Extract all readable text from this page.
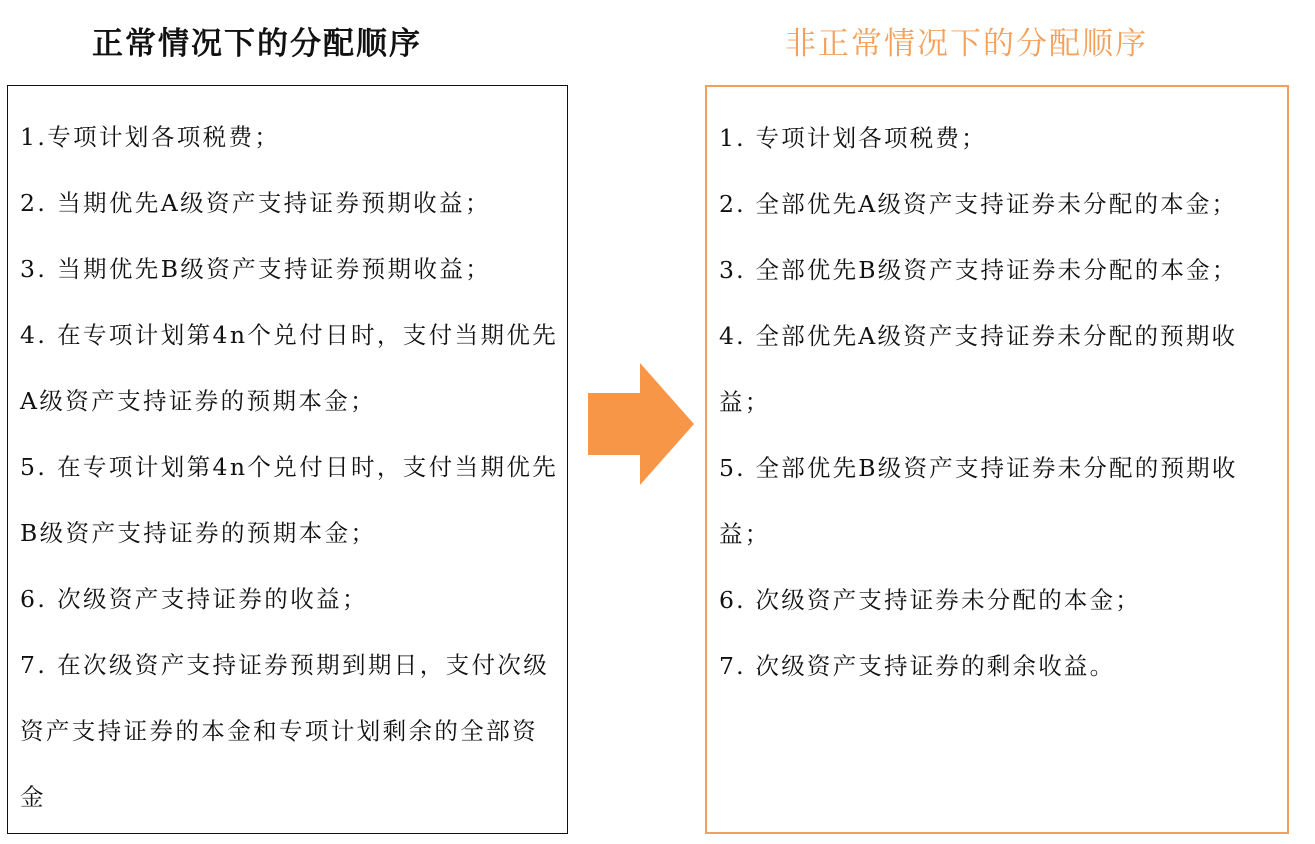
正常情况下的分配顺序	非正常情况下的分配顺序
1.专项计划各项税费；
2. 当期优先A级资产支持证券预期收益；
3. 当期优先B级资产支持证券预期收益；
4. 在专项计划第4n个兑付日时，支付当期优先A级资产支持证券的预期本金；
5. 在专项计划第4n个兑付日时，支付当期优先B级资产支持证券的预期本金；
6. 次级资产支持证券的收益；
7. 在次级资产支持证券预期到期日，支付次级资产支持证券的本金和专项计划剩余的全部资金
1. 专项计划各项税费；
2. 全部优先A级资产支持证券未分配的本金；
3. 全部优先B级资产支持证券未分配的本金；
4. 全部优先A级资产支持证券未分配的预期收益；
5. 全部优先B级资产支持证券未分配的预期收益；
6. 次级资产支持证券未分配的本金；
7. 次级资产支持证券的剩余收益。
